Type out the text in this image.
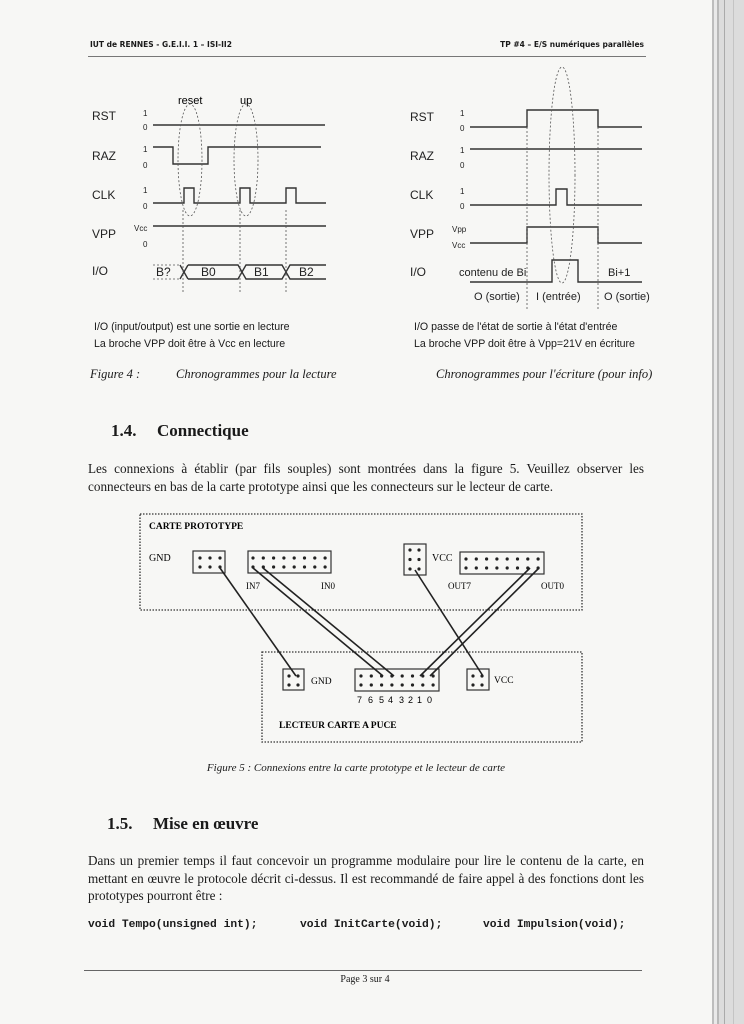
IUT de RENNES - G.E.I.I. 1 – ISI-II2	TP #4 – E/S numériques parallèles
RST
RAZ
CLK
VPP
I/O
1
0
1
0
1
0
Vcc
0
reset	up
B?	B0	B1	B2
RST
RAZ
CLK
VPP
I/O
1
0
1
0
1
0
Vpp
Vcc
contenu de Bi	Bi+1
O (sortie) I (entrée) O (sortie)
I/O (input/output) est une sortie en lecture
La broche VPP doit être à Vcc en lecture
I/O passe de l'état de sortie à l'état d'entrée
La broche VPP doit être à Vpp=21V en écriture
Figure 4 :	Chronogrammes pour la lecture	Chronogrammes pour l'écriture (pour info)
1.4. Connectique
Les connexions à établir (par fils souples) sont montrées dans la figure 5. Veuillez observer les connecteurs en bas de la carte prototype ainsi que les connecteurs sur le lecteur de carte.
CARTE PROTOTYPE
GND	VCC
IN7	IN0	OUT7	OUT0
GND	VCC
7 6 5 4 3 2 1 0
LECTEUR CARTE A PUCE
Figure 5 : Connexions entre la carte prototype et le lecteur de carte
1.5. Mise en œuvre
Dans un premier temps il faut concevoir un programme modulaire pour lire le contenu de la carte, en mettant en œuvre le protocole décrit ci-dessus. Il est recommandé de faire appel à des fonctions dont les prototypes pourront être :
void Tempo(unsigned int);	void InitCarte(void);	void Impulsion(void);
Page 3 sur 4
